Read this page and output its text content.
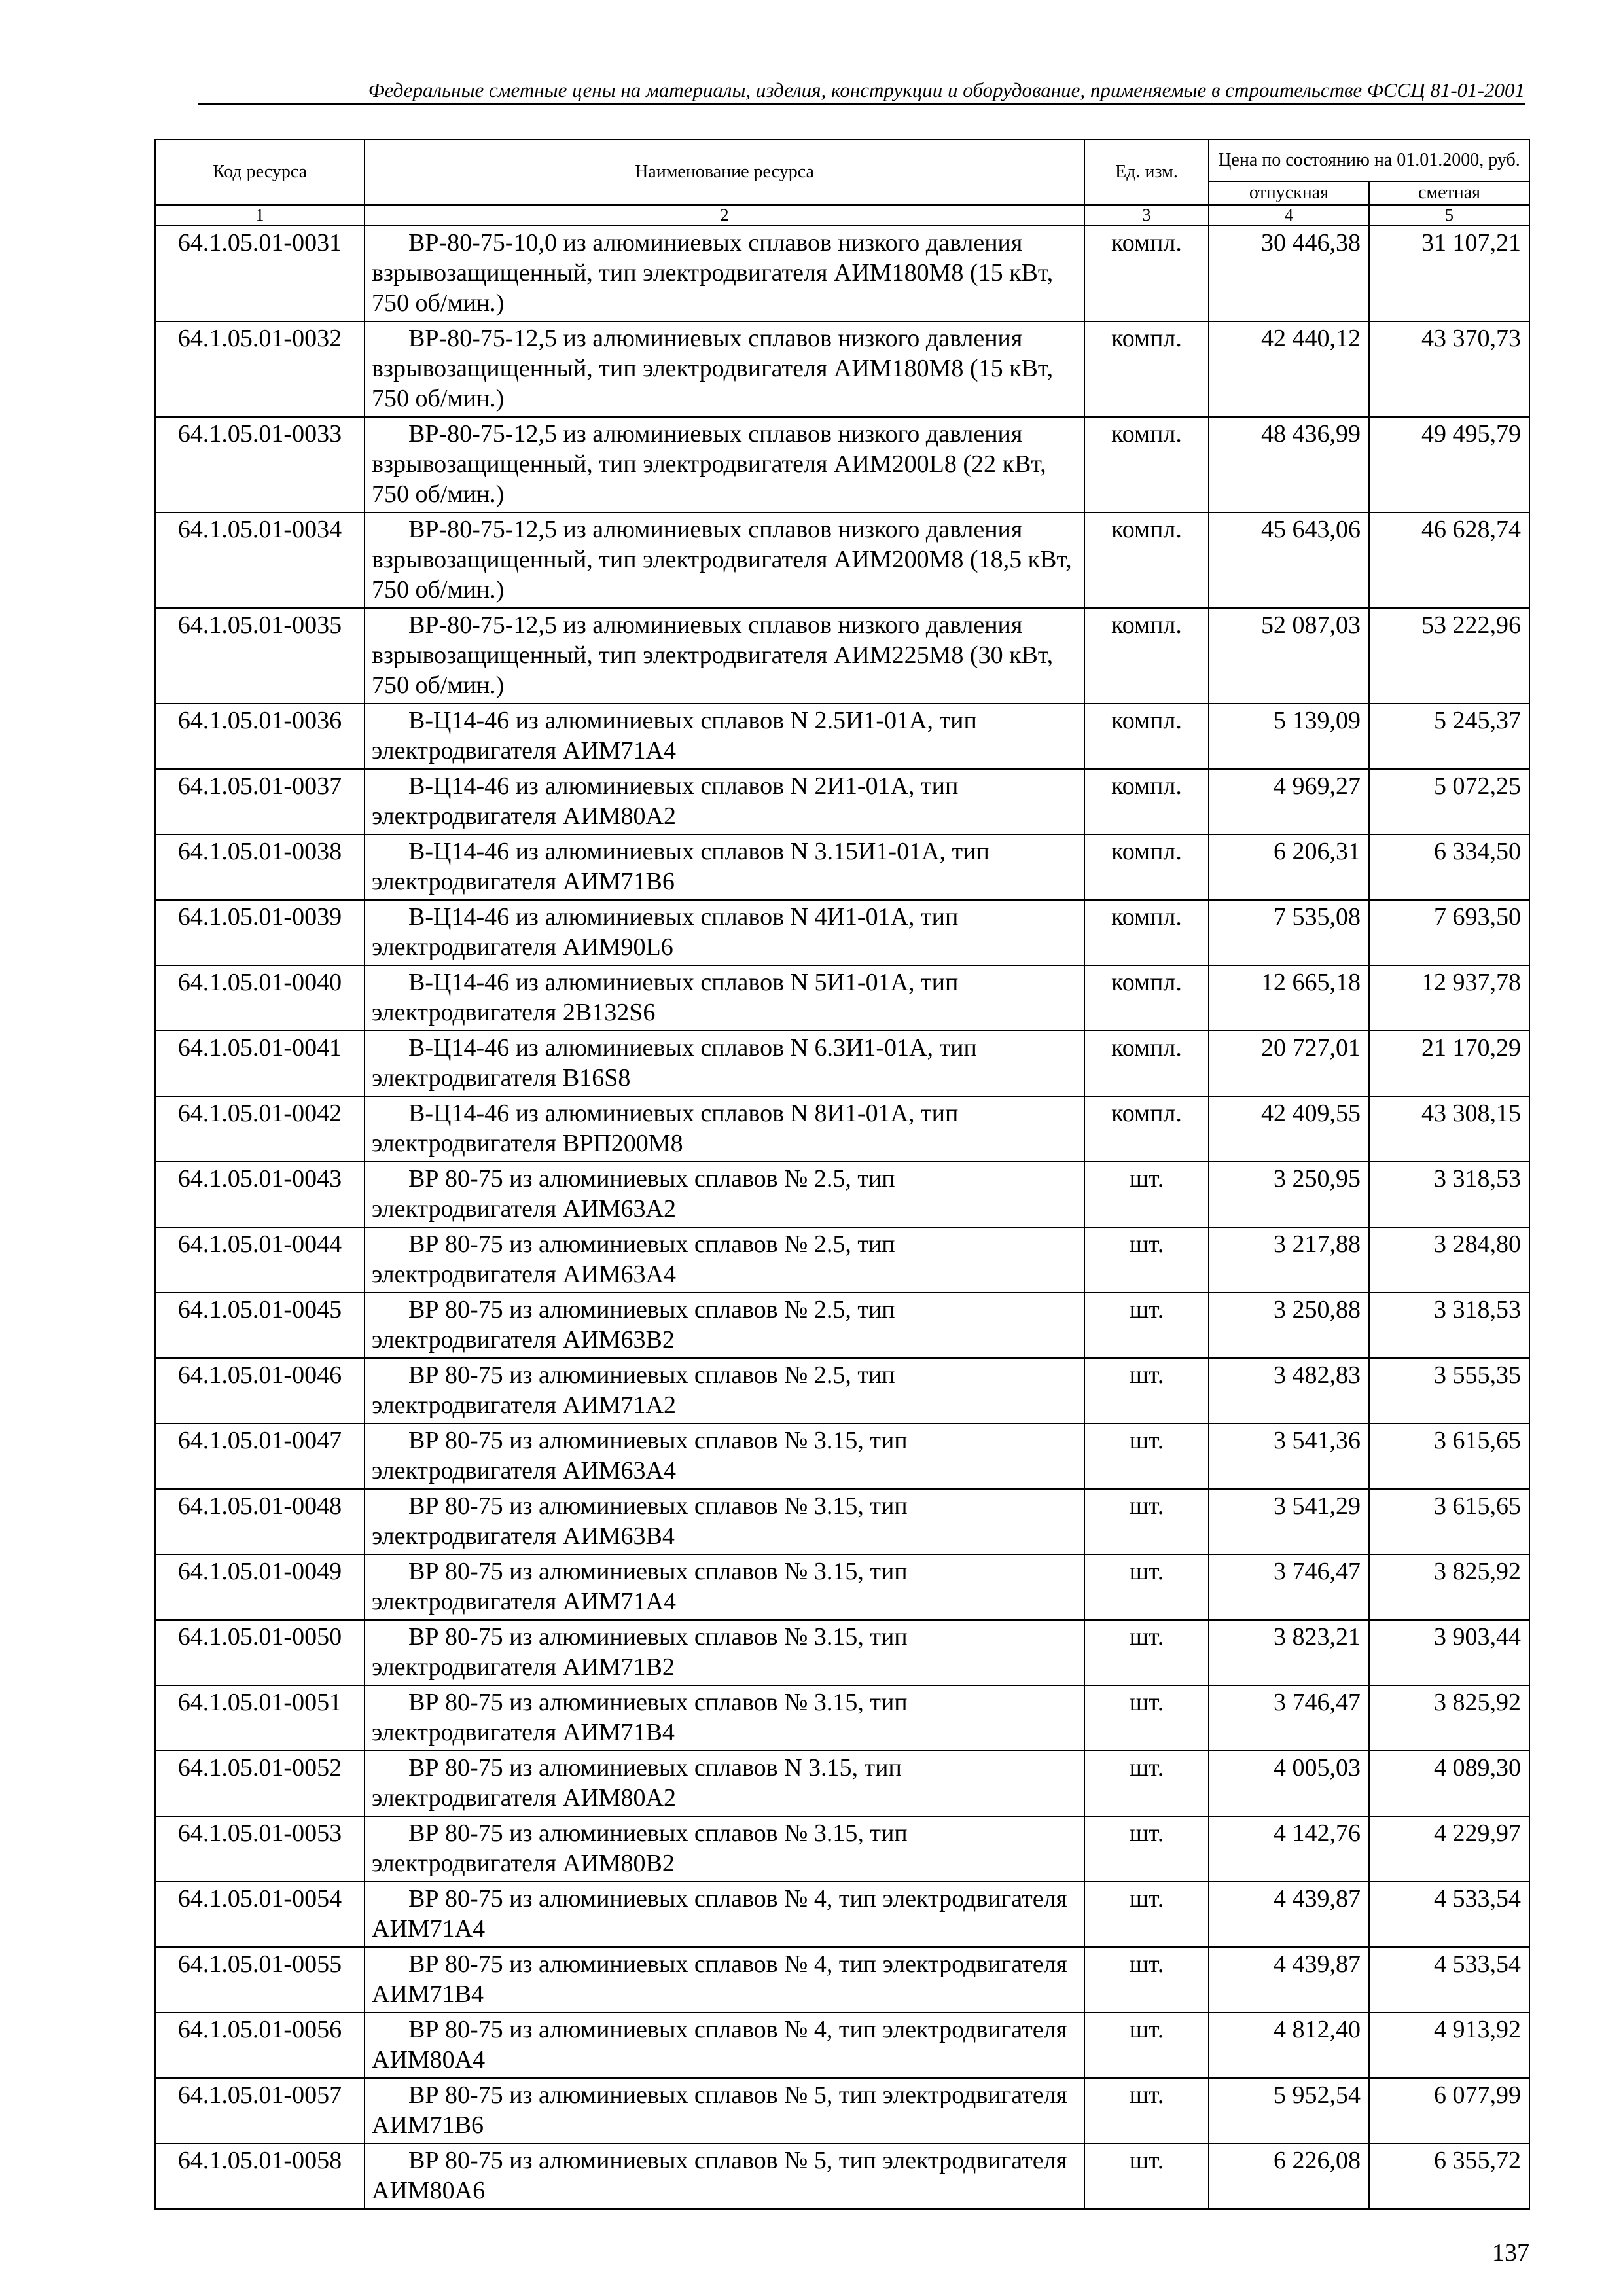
Федеральные сметные цены на материалы, изделия, конструкции и оборудование, применяемые в строительстве ФССЦ 81-01-2001
Код ресурса	Наименование ресурса	Ед. изм.	Цена по состоянию на 01.01.2000, руб.	
			отпускная	сметная
1	2	3	4	5
64.1.05.01-0031	ВР-80-75-10,0 из алюминиевых сплавов низкого давления взрывозащищенный, тип электродвигателя АИМ180М8 (15 кВт, 750 об/мин.)	компл.	30 446,38	31 107,21
64.1.05.01-0032	ВР-80-75-12,5 из алюминиевых сплавов низкого давления взрывозащищенный, тип электродвигателя АИМ180М8 (15 кВт, 750 об/мин.)	компл.	42 440,12	43 370,73
64.1.05.01-0033	ВР-80-75-12,5 из алюминиевых сплавов низкого давления взрывозащищенный, тип электродвигателя АИМ200L8 (22 кВт, 750 об/мин.)	компл.	48 436,99	49 495,79
64.1.05.01-0034	ВР-80-75-12,5 из алюминиевых сплавов низкого давления взрывозащищенный, тип электродвигателя АИМ200М8 (18,5 кВт, 750 об/мин.)	компл.	45 643,06	46 628,74
64.1.05.01-0035	ВР-80-75-12,5 из алюминиевых сплавов низкого давления взрывозащищенный, тип электродвигателя АИМ225М8 (30 кВт, 750 об/мин.)	компл.	52 087,03	53 222,96
64.1.05.01-0036	В-Ц14-46 из алюминиевых сплавов N 2.5И1-01А, тип электродвигателя АИМ71А4	компл.	5 139,09	5 245,37
64.1.05.01-0037	В-Ц14-46 из алюминиевых сплавов N 2И1-01А, тип электродвигателя АИМ80А2	компл.	4 969,27	5 072,25
64.1.05.01-0038	В-Ц14-46 из алюминиевых сплавов N 3.15И1-01А, тип электродвигателя АИМ71В6	компл.	6 206,31	6 334,50
64.1.05.01-0039	В-Ц14-46 из алюминиевых сплавов N 4И1-01А, тип электродвигателя АИМ90L6	компл.	7 535,08	7 693,50
64.1.05.01-0040	В-Ц14-46 из алюминиевых сплавов N 5И1-01А, тип электродвигателя 2В132S6	компл.	12 665,18	12 937,78
64.1.05.01-0041	В-Ц14-46 из алюминиевых сплавов N 6.3И1-01А, тип электродвигателя В16S8	компл.	20 727,01	21 170,29
64.1.05.01-0042	В-Ц14-46 из алюминиевых сплавов N 8И1-01А, тип электродвигателя ВРП200М8	компл.	42 409,55	43 308,15
64.1.05.01-0043	ВР 80-75 из алюминиевых сплавов № 2.5, тип электродвигателя АИМ63А2	шт.	3 250,95	3 318,53
64.1.05.01-0044	ВР 80-75 из алюминиевых сплавов № 2.5, тип электродвигателя АИМ63А4	шт.	3 217,88	3 284,80
64.1.05.01-0045	ВР 80-75 из алюминиевых сплавов № 2.5, тип электродвигателя АИМ63В2	шт.	3 250,88	3 318,53
64.1.05.01-0046	ВР 80-75 из алюминиевых сплавов № 2.5, тип электродвигателя АИМ71А2	шт.	3 482,83	3 555,35
64.1.05.01-0047	ВР 80-75 из алюминиевых сплавов № 3.15, тип электродвигателя АИМ63А4	шт.	3 541,36	3 615,65
64.1.05.01-0048	ВР 80-75 из алюминиевых сплавов № 3.15, тип электродвигателя АИМ63В4	шт.	3 541,29	3 615,65
64.1.05.01-0049	ВР 80-75 из алюминиевых сплавов № 3.15, тип электродвигателя АИМ71А4	шт.	3 746,47	3 825,92
64.1.05.01-0050	ВР 80-75 из алюминиевых сплавов № 3.15, тип электродвигателя АИМ71В2	шт.	3 823,21	3 903,44
64.1.05.01-0051	ВР 80-75 из алюминиевых сплавов № 3.15, тип электродвигателя АИМ71В4	шт.	3 746,47	3 825,92
64.1.05.01-0052	ВР 80-75 из алюминиевых сплавов N 3.15, тип электродвигателя АИМ80А2	шт.	4 005,03	4 089,30
64.1.05.01-0053	ВР 80-75 из алюминиевых сплавов № 3.15, тип электродвигателя АИМ80В2	шт.	4 142,76	4 229,97
64.1.05.01-0054	ВР 80-75 из алюминиевых сплавов № 4, тип электродвигателя АИМ71А4	шт.	4 439,87	4 533,54
64.1.05.01-0055	ВР 80-75 из алюминиевых сплавов № 4, тип электродвигателя АИМ71В4	шт.	4 439,87	4 533,54
64.1.05.01-0056	ВР 80-75 из алюминиевых сплавов № 4, тип электродвигателя АИМ80А4	шт.	4 812,40	4 913,92
64.1.05.01-0057	ВР 80-75 из алюминиевых сплавов № 5, тип электродвигателя АИМ71В6	шт.	5 952,54	6 077,99
64.1.05.01-0058	ВР 80-75 из алюминиевых сплавов № 5, тип электродвигателя АИМ80А6	шт.	6 226,08	6 355,72
137
